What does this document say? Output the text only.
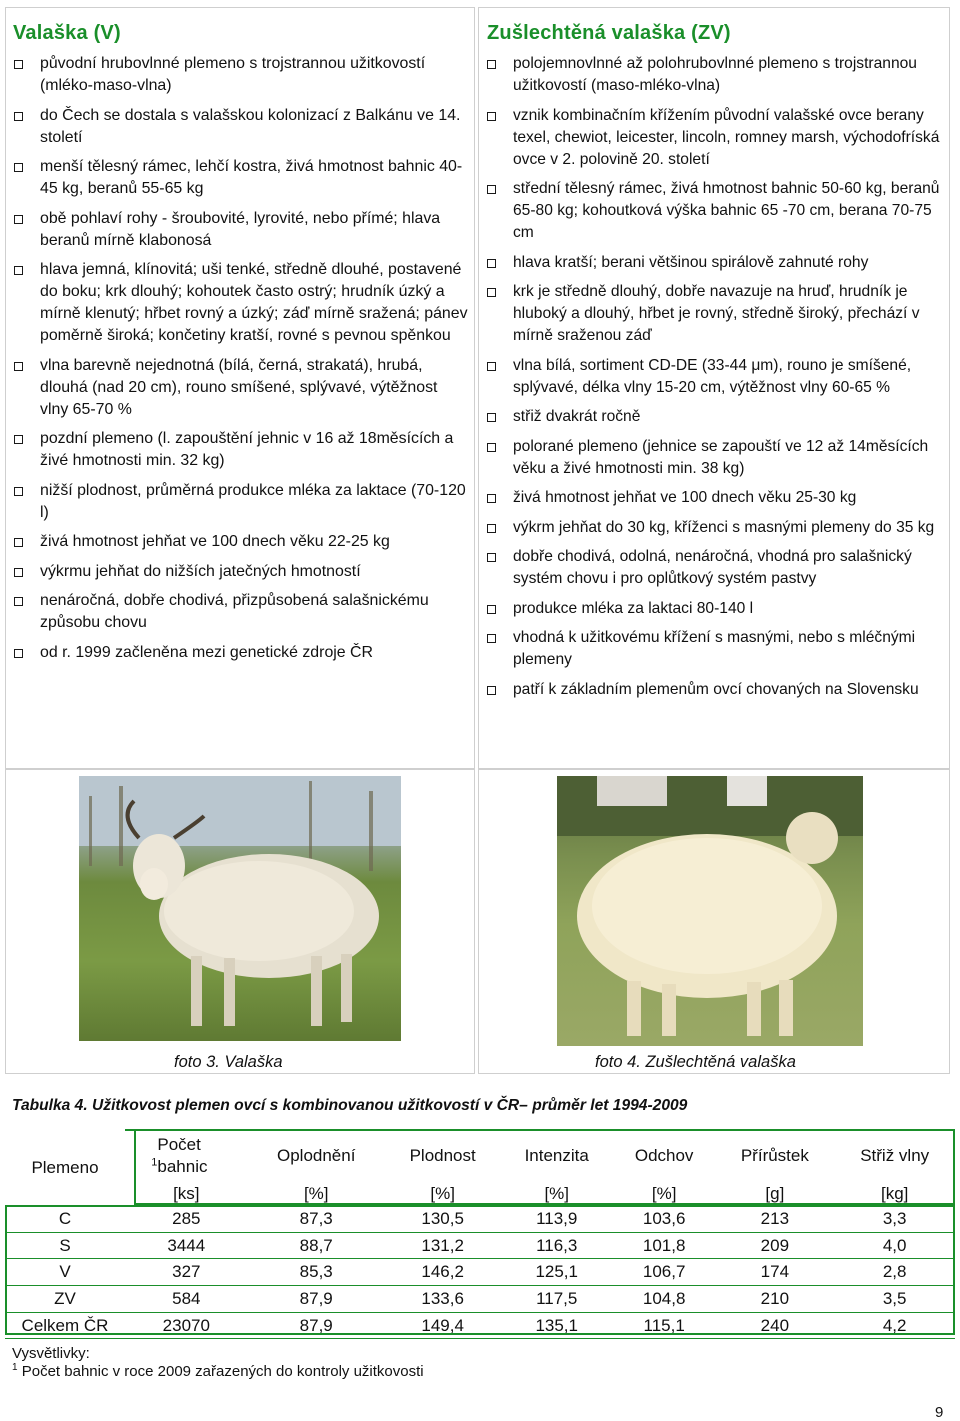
Valaška (V)
původní hrubovlnné plemeno s trojstrannou užitkovostí (mléko-maso-vlna)
do Čech se dostala s valašskou kolonizací z Balkánu ve 14. století
menší tělesný rámec, lehčí kostra, živá hmotnost bahnic 40-45 kg, beranů 55-65 kg
obě pohlaví rohy - šroubovité, lyrovité, nebo přímé; hlava beranů mírně klabonosá
hlava jemná, klínovitá; uši tenké, středně dlouhé, postavené do boku; krk dlouhý; kohoutek často ostrý; hrudník úzký a mírně klenutý; hřbet rovný a úzký; záď mírně sražená; pánev poměrně široká; končetiny kratší, rovné s pevnou spěnkou
vlna barevně nejednotná (bílá, černá, strakatá), hrubá, dlouhá (nad 20 cm), rouno smíšené, splývavé, výtěžnost vlny 65-70 %
pozdní plemeno (l. zapouštění jehnic v 16 až 18měsících a živé hmotnosti min. 32 kg)
nižší plodnost, průměrná produkce mléka za laktace (70-120 l)
živá hmotnost jehňat ve 100 dnech věku 22-25 kg
výkrmu jehňat do nižších jatečných hmotností
nenáročná, dobře chodivá, přizpůsobená salašnickému způsobu chovu
od r. 1999 začleněna mezi genetické zdroje ČR
Zušlechtěná valaška (ZV)
polojemnovlnné až polohrubovlnné plemeno s trojstrannou užitkovostí (maso-mléko-vlna)
vznik kombinačním křížením původní valašské ovce berany texel, chewiot, leicester, lincoln, romney marsh, východofríská ovce v 2. polovině 20. století
střední tělesný rámec, živá hmotnost bahnic 50-60 kg, beranů 65-80 kg; kohoutková výška bahnic 65 -70 cm, berana 70-75 cm
hlava kratší; berani většinou spirálově zahnuté rohy
krk je středně dlouhý, dobře navazuje na hruď, hrudník je hluboký a dlouhý, hřbet je rovný, středně široký, přechází v mírně sraženou záď
vlna bílá, sortiment CD-DE (33-44 μm), rouno je smíšené, splývavé, délka vlny 15-20 cm, výtěžnost vlny 60-65 %
střiž dvakrát ročně
polorané plemeno (jehnice se zapouští ve 12 až 14měsících věku a živé hmotnosti min. 38 kg)
živá hmotnost jehňat ve 100 dnech věku 25-30 kg
výkrm jehňat do 30 kg, kříženci s masnými plemeny do 35 kg
dobře chodivá, odolná, nenáročná, vhodná pro salašnický systém chovu i pro oplůtkový systém pastvy
produkce mléka za laktaci 80-140 l
vhodná k užitkovému křížení s masnými, nebo s mléčnými plemeny
patří k základním plemenům ovcí chovaných na Slovensku
foto 3. Valaška	foto 4. Zušlechtěná valaška
Tabulka 4. Užitkovost plemen ovcí s kombinovanou užitkovostí v ČR– průměr let 1994-2009
Plemeno	$^1$Počet bahnic	Oplodnění	Plodnost	Intenzita	Odchov	Přírůstek	Střiž vlny
	[ks]	[%]	[%]	[%]	[%]	[g]	[kg]
C	285	87,3	130,5	113,9	103,6	213	3,3
S	3444	88,7	131,2	116,3	101,8	209	4,0
V	327	85,3	146,2	125,1	106,7	174	2,8
ZV	584	87,9	133,6	117,5	104,8	210	3,5
Celkem ČR	23070	87,9	149,4	135,1	115,1	240	4,2
Vysvětlivky:
$^1$ Počet bahnic v roce 2009 zařazených do kontroly užitkovosti
9
